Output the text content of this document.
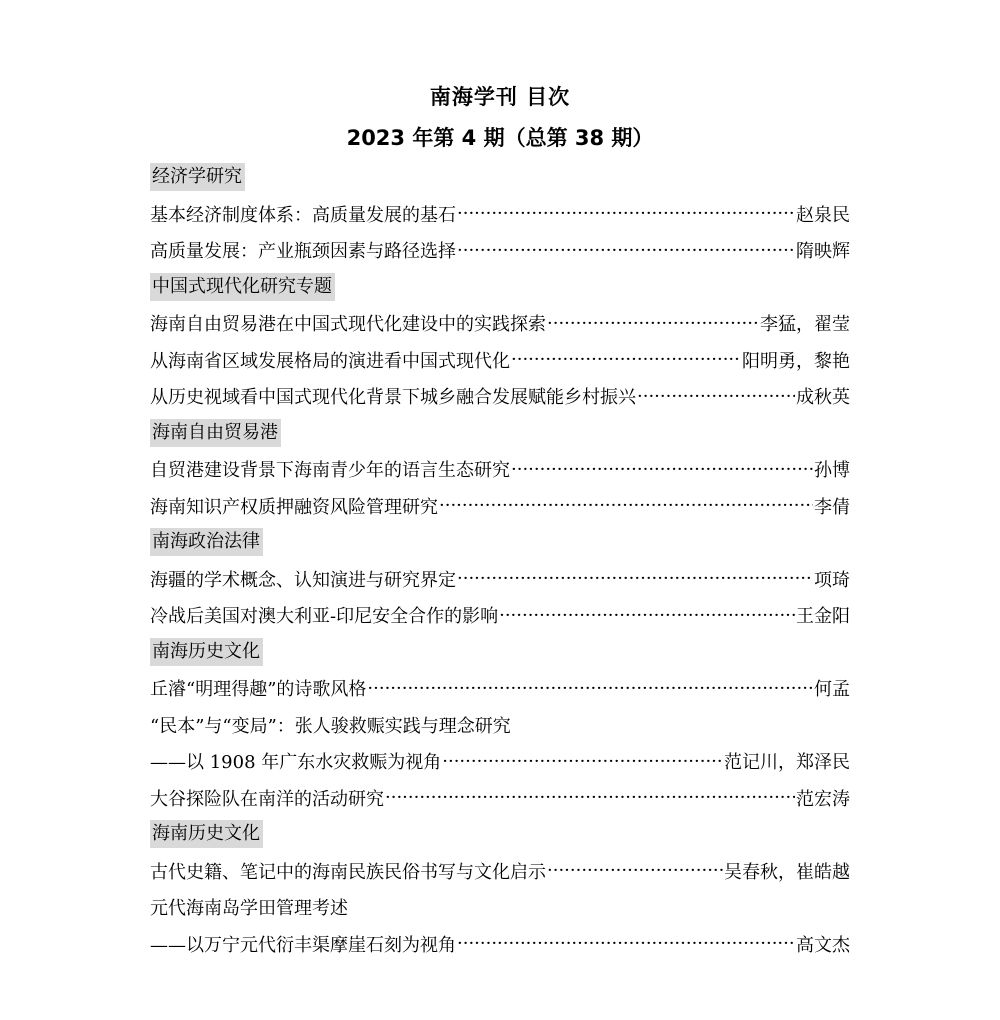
南海学刊 目次
2023 年第 4 期（总第 38 期）
经济学研究
基本经济制度体系：高质量发展的基石 ·····	赵泉民
高质量发展：产业瓶颈因素与路径选择 ·····	隋映辉
中国式现代化研究专题
海南自由贸易港在中国式现代化建设中的实践探索 ·····	李猛，翟莹
从海南省区域发展格局的演进看中国式现代化 ·····	阳明勇，黎艳
从历史视域看中国式现代化背景下城乡融合发展赋能乡村振兴 ·····	成秋英
海南自由贸易港
自贸港建设背景下海南青少年的语言生态研究 ·····	孙博
海南知识产权质押融资风险管理研究 ·····	李倩
南海政治法律
海疆的学术概念、认知演进与研究界定 ·····	项琦
冷战后美国对澳大利亚-印尼安全合作的影响 ·····	王金阳
南海历史文化
丘濬“明理得趣”的诗歌风格 ·····	何孟
“民本”与“变局”：张人骏救赈实践与理念研究
——以 1908 年广东水灾救赈为视角 ·····	范记川，郑泽民
大谷探险队在南洋的活动研究 ·····	范宏涛
海南历史文化
古代史籍、笔记中的海南民族民俗书写与文化启示 ·····	吴春秋，崔皓越
元代海南岛学田管理考述
——以万宁元代衍丰渠摩崖石刻为视角 ·····	高文杰
